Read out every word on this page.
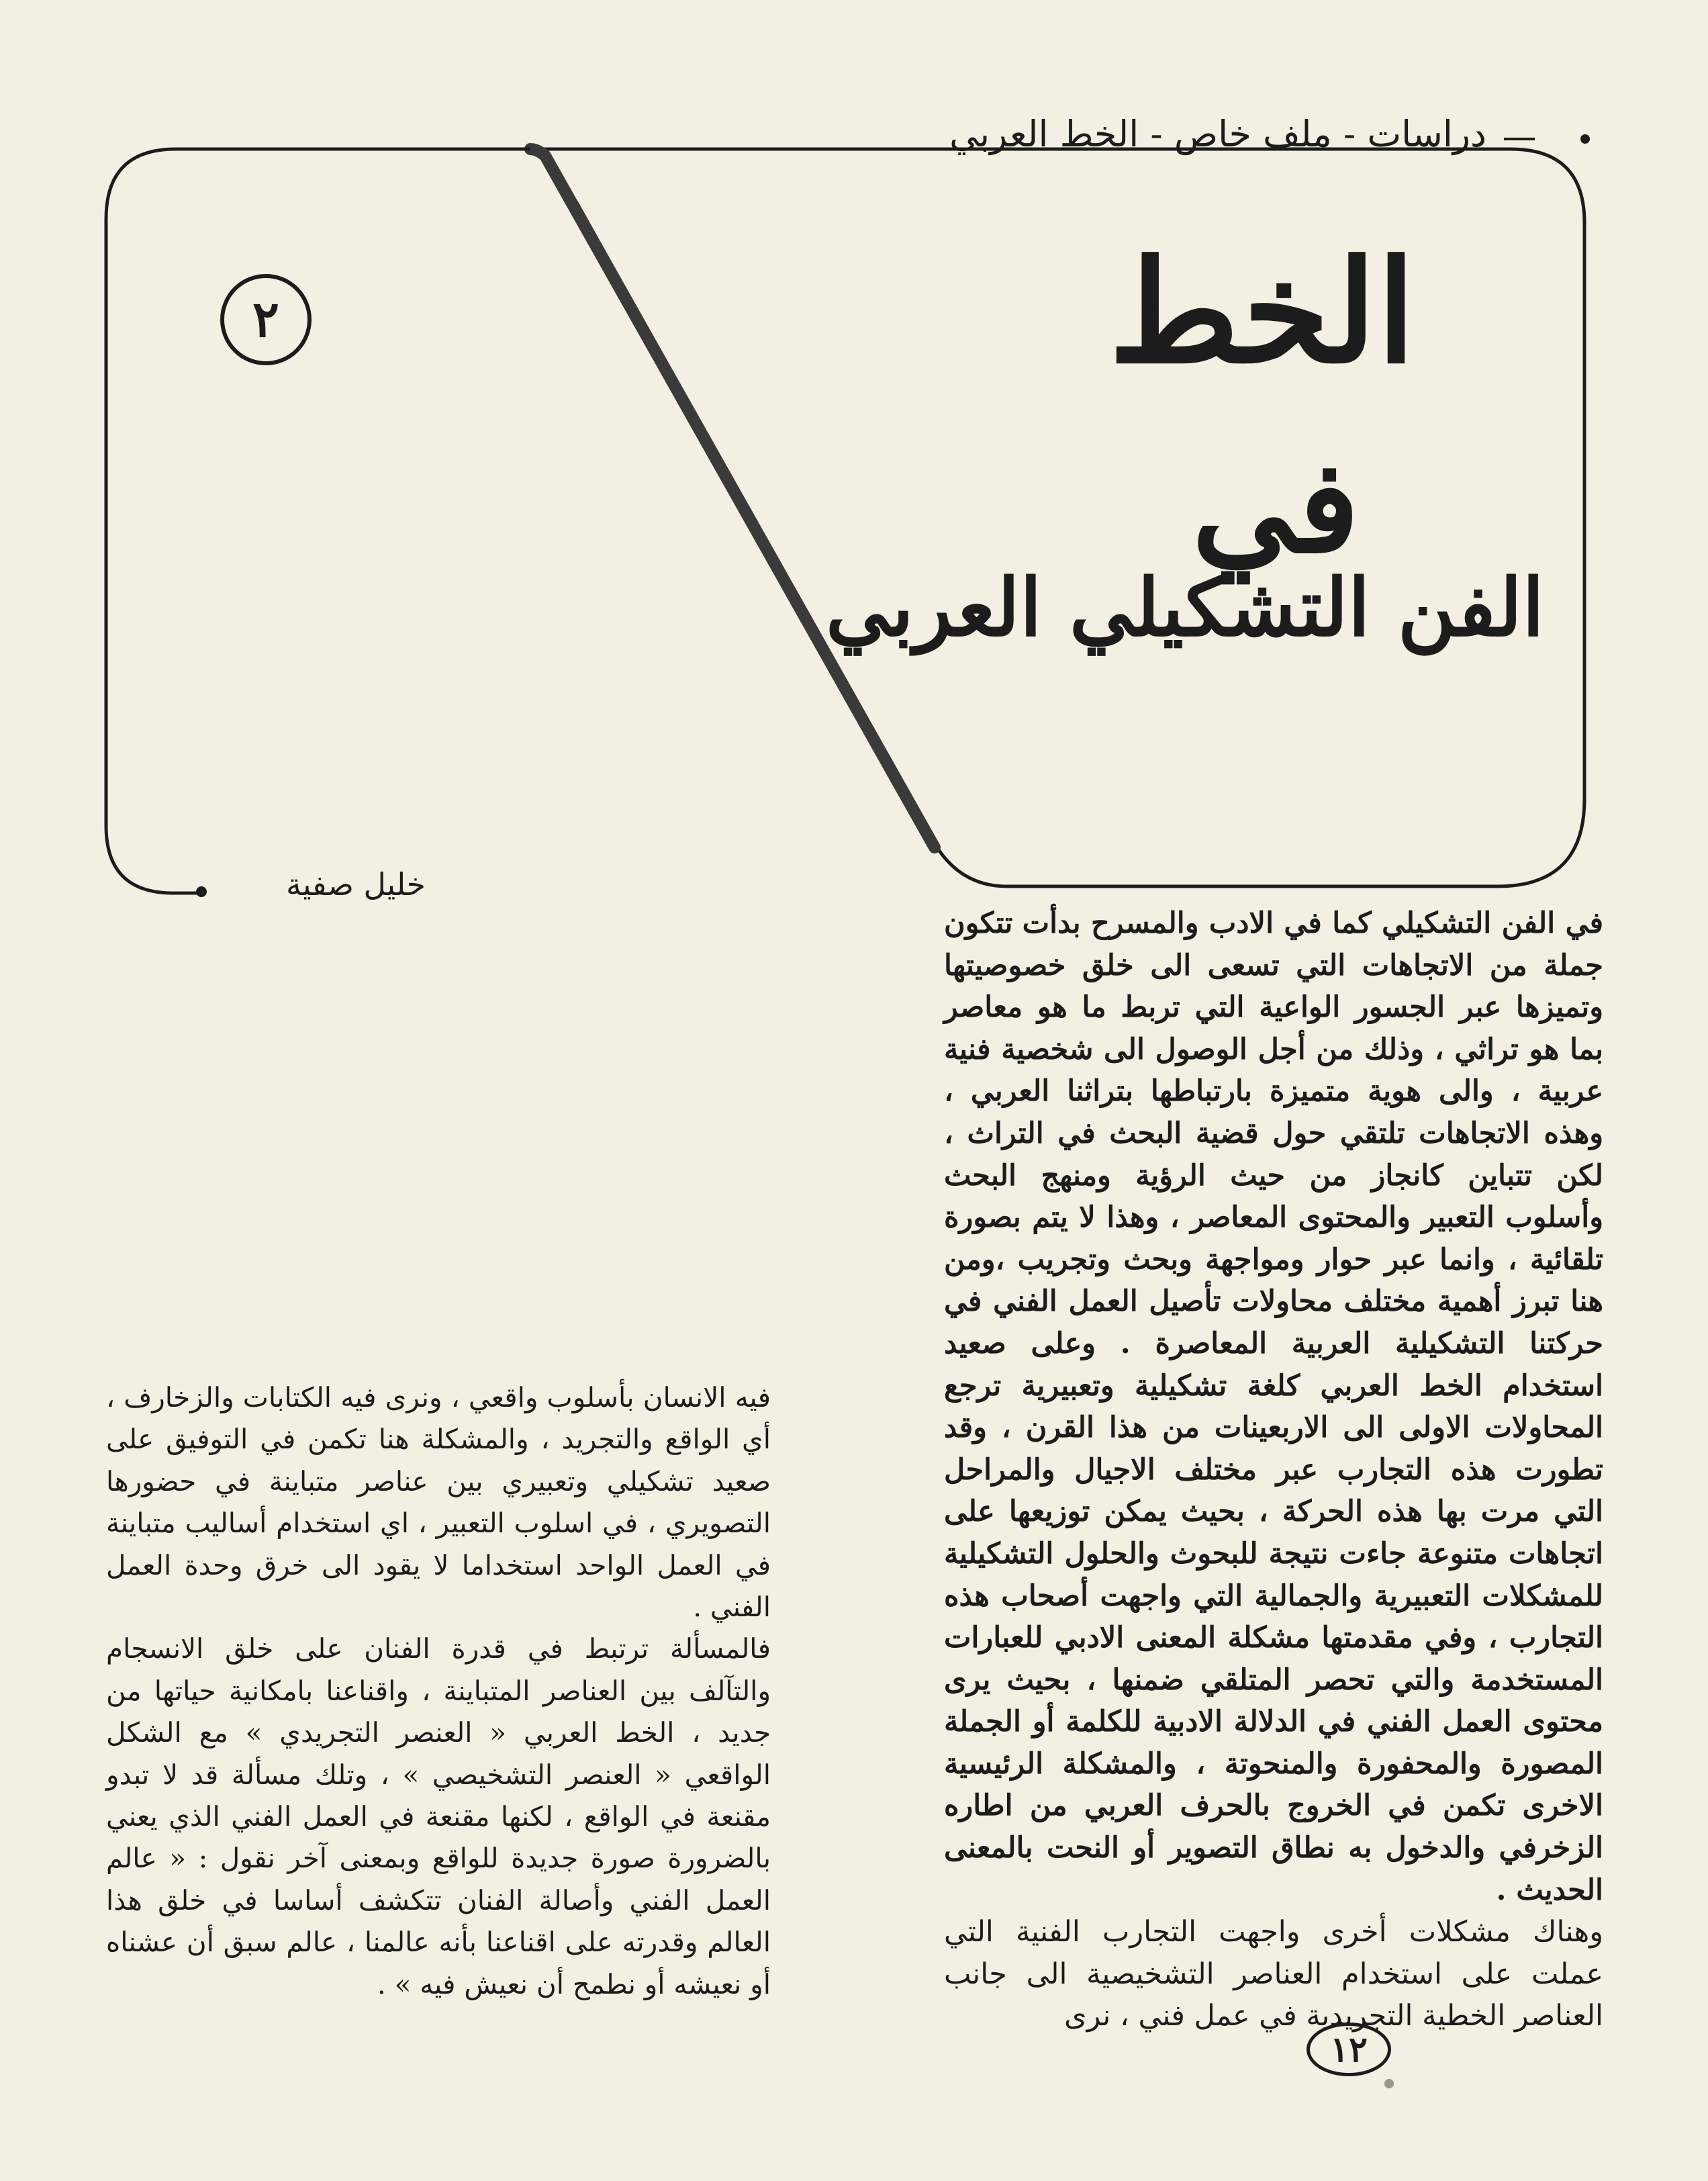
دراسات - ملف خاص - الخط العربي
٢	الخط
في
الفن التشكيلي العربي
خليل صفية

في الفن التشكيلي كما في الادب والمسرح بدأت تتكون جملة من الاتجاهات التي تسعى الى خلق خصوصيتها وتميزها عبر الجسور الواعية التي تربط ما هو معاصر بما هو تراثي ، وذلك من أجل الوصول الى شخصية فنية عربية ، والى هوية متميزة بارتباطها بتراثنا العربي ، وهذه الاتجاهات تلتقي حول قضية البحث في التراث ، لكن تتباين كانجاز من حيث الرؤية ومنهج البحث وأسلوب التعبير والمحتوى المعاصر ، وهذا لا يتم بصورة تلقائية ، وانما عبر حوار ومواجهة وبحث وتجريب ،ومن هنا تبرز أهمية مختلف محاولات تأصيل العمل الفني في حركتنا التشكيلية العربية المعاصرة . وعلى صعيد استخدام الخط العربي كلغة تشكيلية وتعبيرية ترجع المحاولات الاولى الى الاربعينات من هذا القرن ، وقد تطورت هذه التجارب عبر مختلف الاجيال والمراحل التي مرت بها هذه الحركة ، بحيث يمكن توزيعها على اتجاهات متنوعة جاءت نتيجة للبحوث والحلول التشكيلية للمشكلات التعبيرية والجمالية التي واجهت أصحاب هذه التجارب ، وفي مقدمتها مشكلة المعنى الادبي للعبارات المستخدمة والتي تحصر المتلقي ضمنها ، بحيث يرى محتوى العمل الفني في الدلالة الادبية للكلمة أو الجملة المصورة والمحفورة والمنحوتة ، والمشكلة الرئيسية الاخرى تكمن في الخروج بالحرف العربي من اطاره الزخرفي والدخول به نطاق التصوير أو النحت بالمعنى الحديث .

وهناك مشكلات أخرى واجهت التجارب الفنية التي عملت على استخدام العناصر التشخيصية الى جانب العناصر الخطية التجريدية في عمل فني ، نرى

فيه الانسان بأسلوب واقعي ، ونرى فيه الكتابات والزخارف ، أي الواقع والتجريد ، والمشكلة هنا تكمن في التوفيق على صعيد تشكيلي وتعبيري بين عناصر متباينة في حضورها التصويري ، في اسلوب التعبير ، اي استخدام أساليب متباينة في العمل الواحد استخداما لا يقود الى خرق وحدة العمل الفني .

فالمسألة ترتبط في قدرة الفنان على خلق الانسجام والتآلف بين العناصر المتباينة ، واقناعنا بامكانية حياتها من جديد ، الخط العربي « العنصر التجريدي » مع الشكل الواقعي « العنصر التشخيصي » ، وتلك مسألة قد لا تبدو مقنعة في الواقع ، لكنها مقنعة في العمل الفني الذي يعني بالضرورة صورة جديدة للواقع وبمعنى آخر نقول : « عالم العمل الفني وأصالة الفنان تتكشف أساسا في خلق هذا العالم وقدرته على اقناعنا بأنه عالمنا ، عالم سبق أن عشناه أو نعيشه أو نطمح أن نعيش فيه » .

١٢
